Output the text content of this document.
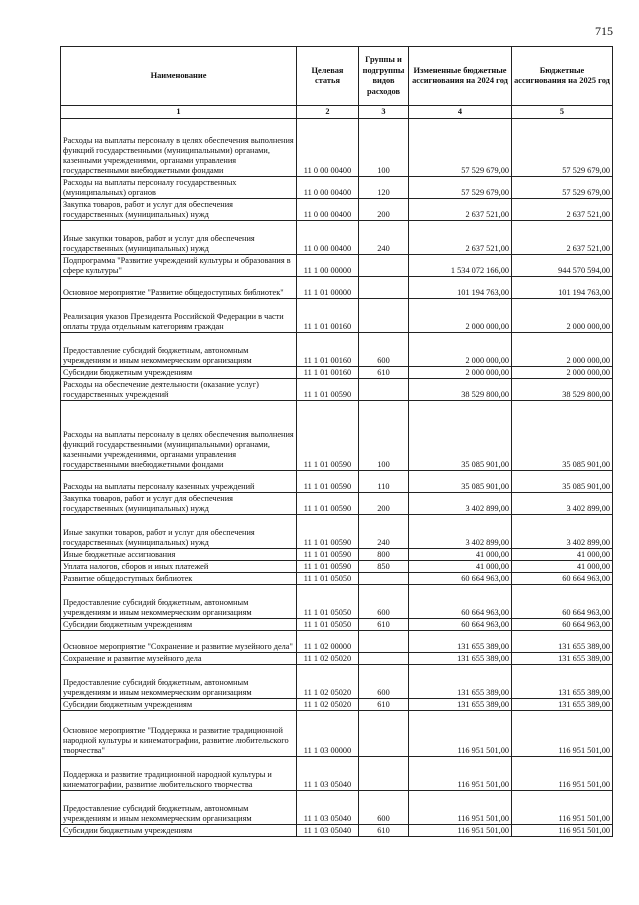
715
Наименование	Целевая статья	Группы и подгруппы видов расходов	Измененные бюджетные ассигнования на 2024 год	Бюджетные ассигнования на 2025 год
1	2	3	4	5
Расходы на выплаты персоналу в целях обеспечения выполнения функций государственными (муниципальными) органами, казенными учреждениями, органами управления государственными внебюджетными фондами	11 0 00 00400	100	57 529 679,00	57 529 679,00
Расходы на выплаты персоналу государственных (муниципальных) органов	11 0 00 00400	120	57 529 679,00	57 529 679,00
Закупка товаров, работ и услуг для обеспечения государственных (муниципальных) нужд	11 0 00 00400	200	2 637 521,00	2 637 521,00
Иные закупки товаров, работ и услуг для обеспечения государственных (муниципальных) нужд	11 0 00 00400	240	2 637 521,00	2 637 521,00
Подпрограмма "Развитие учреждений культуры и образования в сфере культуры"	11 1 00 00000		1 534 072 166,00	944 570 594,00
Основное мероприятие "Развитие общедоступных библиотек"	11 1 01 00000		101 194 763,00	101 194 763,00
Реализация указов Президента Российской Федерации в части оплаты труда отдельным категориям граждан	11 1 01 00160		2 000 000,00	2 000 000,00
Предоставление субсидий бюджетным, автономным учреждениям и иным некоммерческим организациям	11 1 01 00160	600	2 000 000,00	2 000 000,00
Субсидии бюджетным учреждениям	11 1 01 00160	610	2 000 000,00	2 000 000,00
Расходы на обеспечение деятельности (оказание услуг) государственных учреждений	11 1 01 00590		38 529 800,00	38 529 800,00
Расходы на выплаты персоналу в целях обеспечения выполнения функций государственными (муниципальными) органами, казенными учреждениями, органами управления государственными внебюджетными фондами	11 1 01 00590	100	35 085 901,00	35 085 901,00
Расходы на выплаты персоналу казенных учреждений	11 1 01 00590	110	35 085 901,00	35 085 901,00
Закупка товаров, работ и услуг для обеспечения государственных (муниципальных) нужд	11 1 01 00590	200	3 402 899,00	3 402 899,00
Иные закупки товаров, работ и услуг для обеспечения государственных (муниципальных) нужд	11 1 01 00590	240	3 402 899,00	3 402 899,00
Иные бюджетные ассигнования	11 1 01 00590	800	41 000,00	41 000,00
Уплата налогов, сборов и иных платежей	11 1 01 00590	850	41 000,00	41 000,00
Развитие общедоступных библиотек	11 1 01 05050		60 664 963,00	60 664 963,00
Предоставление субсидий бюджетным, автономным учреждениям и иным некоммерческим организациям	11 1 01 05050	600	60 664 963,00	60 664 963,00
Субсидии бюджетным учреждениям	11 1 01 05050	610	60 664 963,00	60 664 963,00
Основное мероприятие "Сохранение и развитие музейного дела"	11 1 02 00000		131 655 389,00	131 655 389,00
Сохранение и развитие музейного дела	11 1 02 05020		131 655 389,00	131 655 389,00
Предоставление субсидий бюджетным, автономным учреждениям и иным некоммерческим организациям	11 1 02 05020	600	131 655 389,00	131 655 389,00
Субсидии бюджетным учреждениям	11 1 02 05020	610	131 655 389,00	131 655 389,00
Основное мероприятие "Поддержка и развитие традиционной народной культуры и кинематографии, развитие любительского творчества"	11 1 03 00000		116 951 501,00	116 951 501,00
Поддержка и развитие традиционной народной культуры и кинематографии, развитие любительского творчества	11 1 03 05040		116 951 501,00	116 951 501,00
Предоставление субсидий бюджетным, автономным учреждениям и иным некоммерческим организациям	11 1 03 05040	600	116 951 501,00	116 951 501,00
Субсидии бюджетным учреждениям	11 1 03 05040	610	116 951 501,00	116 951 501,00
